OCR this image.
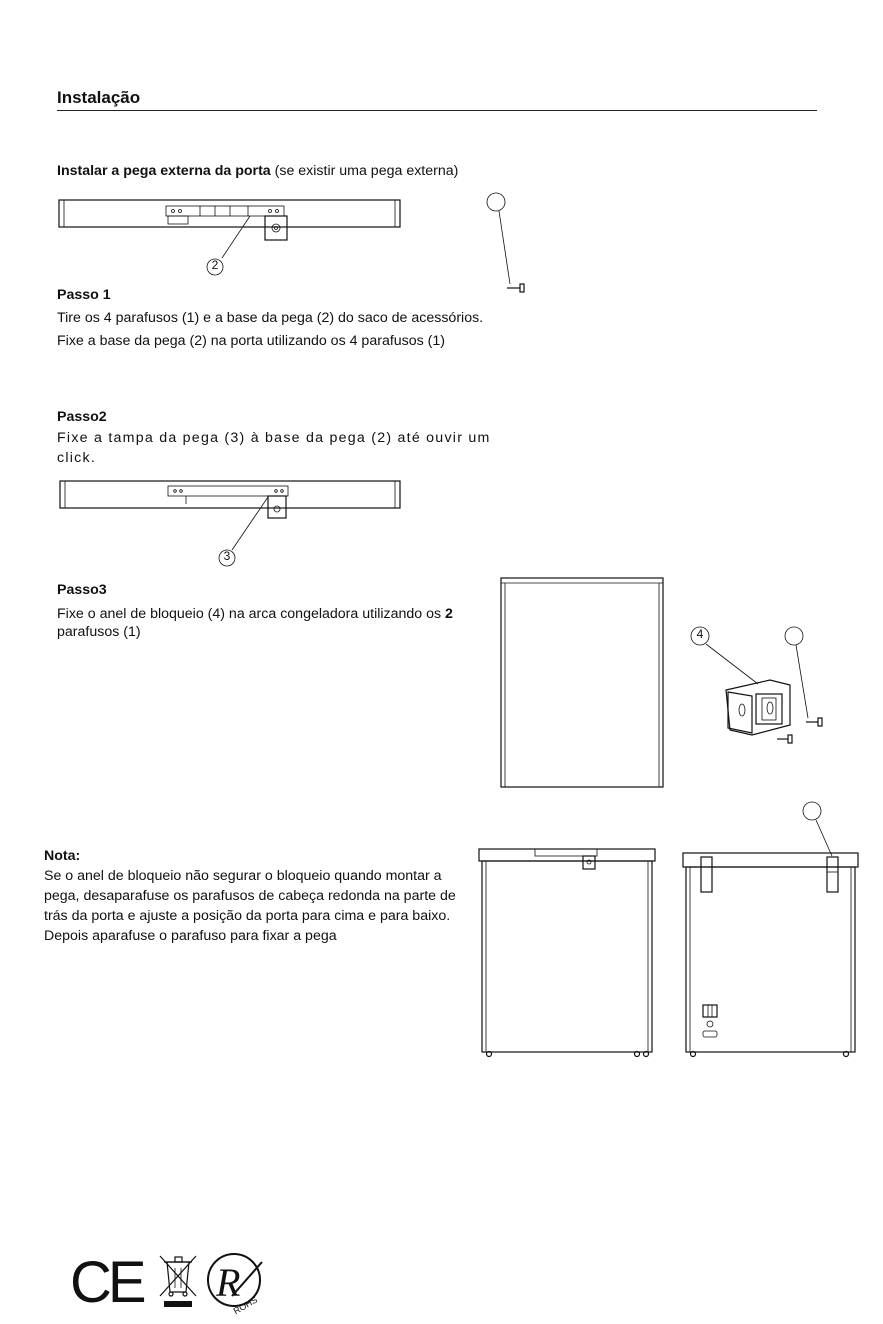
Instalação
Instalar a pega externa da porta (se existir uma pega externa)
2
Passo 1
Tire os 4 parafusos (1) e a base da pega (2) do saco de acessórios.
Fixe a base da pega (2) na porta utilizando os 4 parafusos (1)
Passo2
Fixe a tampa da pega (3) à base da pega (2) até ouvir um
click.
3
Passo3
Fixe o anel de bloqueio (4) na arca congeladora utilizando os 2
parafusos (1)	4
Nota:
Se o anel de bloqueio não segurar o bloqueio quando montar a
pega, desaparafuse os parafusos de cabeça redonda na parte de
trás da porta e ajuste a posição da porta para cima e para baixo.
Depois aparafuse o parafuso para fixar a pega
CE R
ROHS
